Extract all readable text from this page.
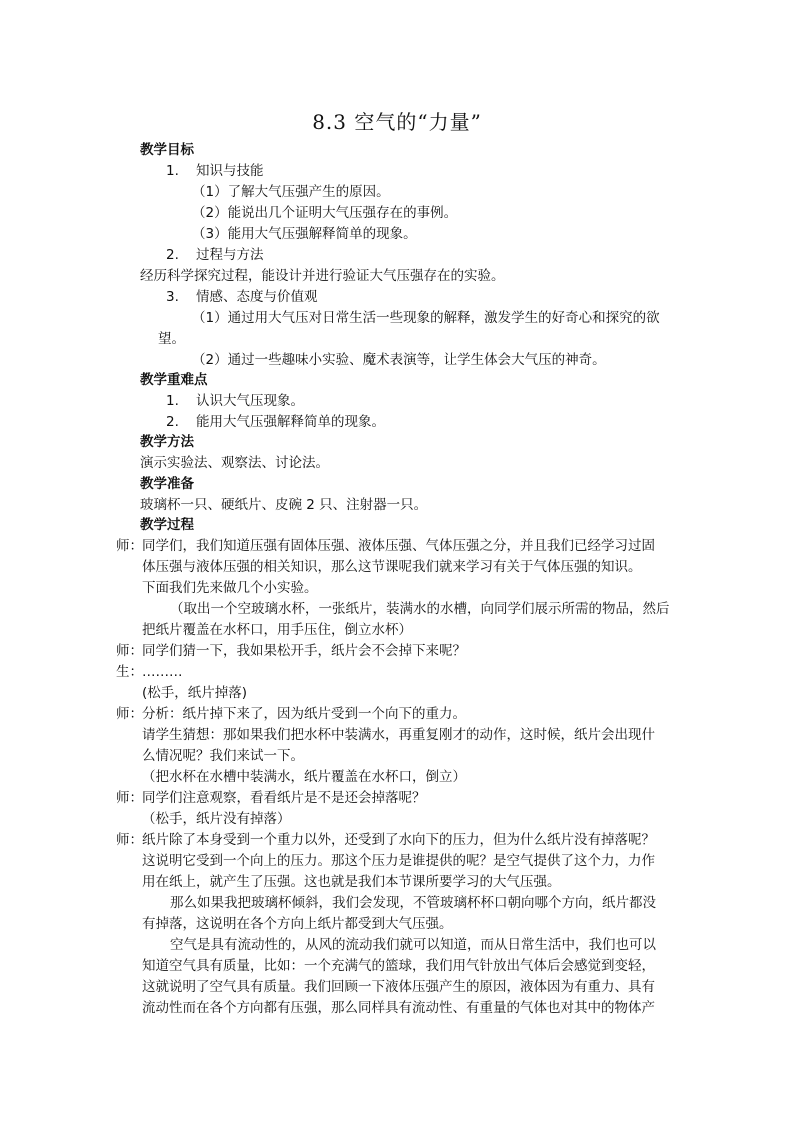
8.3 空气的“力量”
教学目标
1. 知识与技能
（1）了解大气压强产生的原因。
（2）能说出几个证明大气压强存在的事例。
（3）能用大气压强解释简单的现象。
2. 过程与方法
经历科学探究过程，能设计并进行验证大气压强存在的实验。
3. 情感、态度与价值观
（1）通过用大气压对日常生活一些现象的解释，激发学生的好奇心和探究的欲
望。
（2）通过一些趣味小实验、魔术表演等，让学生体会大气压的神奇。
教学重难点
1. 认识大气压现象。
2. 能用大气压强解释简单的现象。
教学方法
演示实验法、观察法、讨论法。
教学准备
玻璃杯一只、硬纸片、皮碗 2 只、注射器一只。
教学过程
师： 同学们，我们知道压强有固体压强、液体压强、气体压强之分，并且我们已经学习过固
体压强与液体压强的相关知识，那么这节课呢我们就来学习有关于气体压强的知识。
下面我们先来做几个小实验。
（取出一个空玻璃水杯，一张纸片，装满水的水槽，向同学们展示所需的物品，然后
把纸片覆盖在水杯口，用手压住，倒立水杯）
师： 同学们猜一下，我如果松开手，纸片会不会掉下来呢？
生： ………
(松手，纸片掉落)
师： 分析：纸片掉下来了，因为纸片受到一个向下的重力。
请学生猜想：那如果我们把水杯中装满水，再重复刚才的动作，这时候，纸片会出现什
么情况呢？我们来试一下。
（把水杯在水槽中装满水，纸片覆盖在水杯口，倒立）
师： 同学们注意观察，看看纸片是不是还会掉落呢？
（松手，纸片没有掉落）
师： 纸片除了本身受到一个重力以外，还受到了水向下的压力，但为什么纸片没有掉落呢？
这说明它受到一个向上的压力。那这个压力是谁提供的呢？是空气提供了这个力，力作
用在纸上，就产生了压强。这也就是我们本节课所要学习的大气压强。
那么如果我把玻璃杯倾斜，我们会发现，不管玻璃杯杯口朝向哪个方向，纸片都没
有掉落，这说明在各个方向上纸片都受到大气压强。
空气是具有流动性的，从风的流动我们就可以知道，而从日常生活中，我们也可以
知道空气具有质量，比如：一个充满气的篮球，我们用气针放出气体后会感觉到变轻，
这就说明了空气具有质量。我们回顾一下液体压强产生的原因，液体因为有重力、具有
流动性而在各个方向都有压强，那么同样具有流动性、有重量的气体也对其中的物体产
